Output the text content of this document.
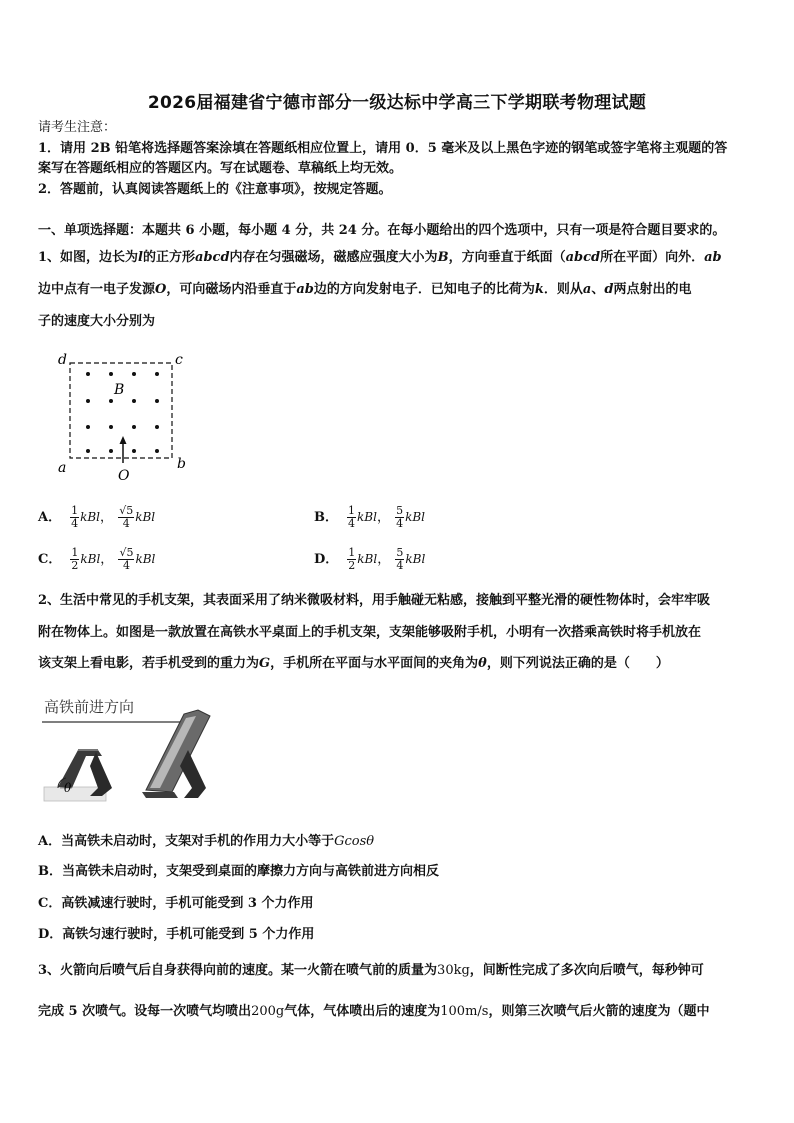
2026届福建省宁德市部分一级达标中学高三下学期联考物理试题
请考生注意：
1．请用 2B 铅笔将选择题答案涂填在答题纸相应位置上，请用 0．5 毫米及以上黑色字迹的钢笔或签字笔将主观题的答
案写在答题纸相应的答题区内。写在试题卷、草稿纸上均无效。
2．答题前，认真阅读答题纸上的《注意事项》，按规定答题。
一、单项选择题：本题共 6 小题，每小题 4 分，共 24 分。在每小题给出的四个选项中，只有一项是符合题目要求的。
1、如图，边长为l的正方形abcd内存在匀强磁场，磁感应强度大小为B，方向垂直于纸面（abcd所在平面）向外．ab
边中点有一电子发源O，可向磁场内沿垂直于ab边的方向发射电子．已知电子的比荷为k．则从a、d两点射出的电
子的速度大小分别为
d	c
a	b
B
O
A． $\frac{1}{4}$ kBl， $\frac{√5}{4}$ kBl	B． $\frac{1}{4}$ kBl， $\frac{5}{4}$ kBl
C． $\frac{1}{2}$ kBl， $\frac{√5}{4}$ kBl	D． $\frac{1}{2}$ kBl， $\frac{5}{4}$ kBl
2、生活中常见的手机支架，其表面采用了纳米微吸材料，用手触碰无粘感，接触到平整光滑的硬性物体时，会牢牢吸
附在物体上。如图是一款放置在高铁水平桌面上的手机支架，支架能够吸附手机，小明有一次搭乘高铁时将手机放在
该支架上看电影，若手机受到的重力为G，手机所在平面与水平面间的夹角为θ，则下列说法正确的是（　　）
高铁前进方向
θ
A．当高铁未启动时，支架对手机的作用力大小等于Gcosθ
B．当高铁未启动时，支架受到桌面的摩擦力方向与高铁前进方向相反
C．高铁减速行驶时，手机可能受到 3 个力作用
D．高铁匀速行驶时，手机可能受到 5 个力作用
3、火箭向后喷气后自身获得向前的速度。某一火箭在喷气前的质量为30kg，间断性完成了多次向后喷气，每秒钟可
完成 5 次喷气。设每一次喷气均喷出200g气体，气体喷出后的速度为100m/s，则第三次喷气后火箭的速度为（题中
